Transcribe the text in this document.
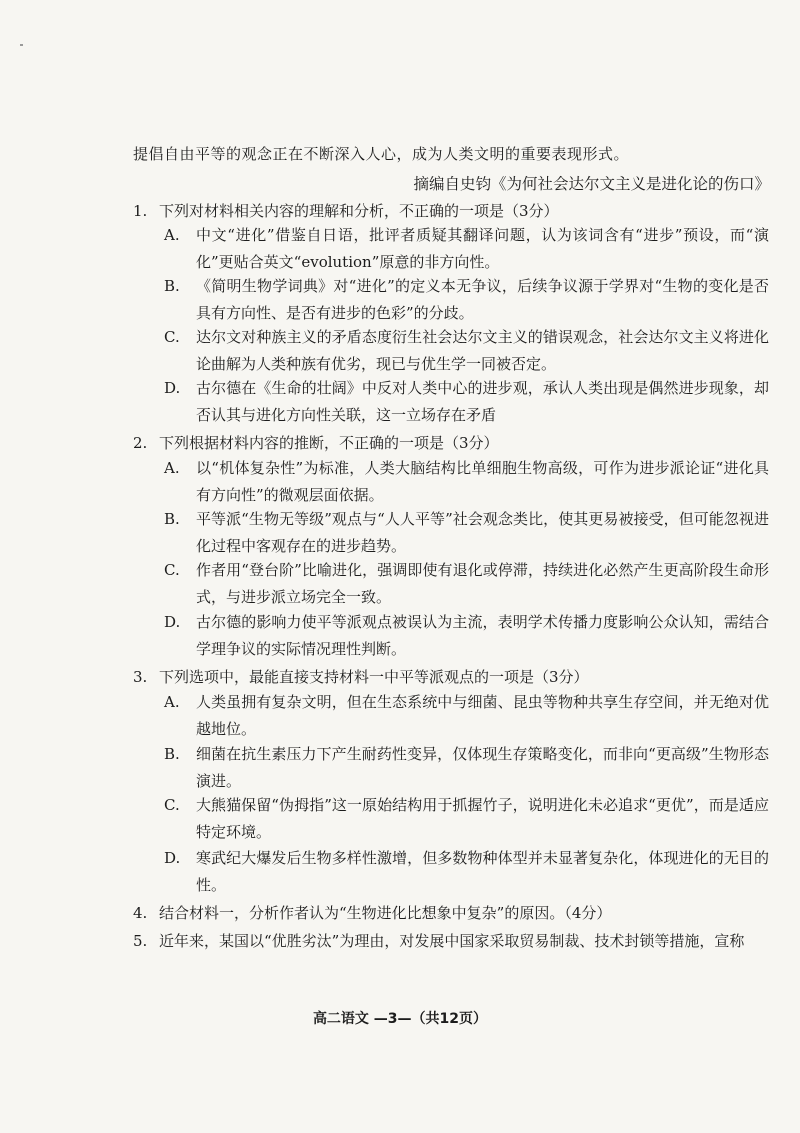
提倡自由平等的观念正在不断深入人心，成为人类文明的重要表现形式。
摘编自史钧《为何社会达尔文主义是进化论的伤口》
1. 下列对材料相关内容的理解和分析，不正确的一项是（3分）
A.	中文“进化”借鉴自日语，批评者质疑其翻译问题，认为该词含有“进步”预设，而“演化”更贴合英文“evolution”原意的非方向性。
B.	《简明生物学词典》对“进化”的定义本无争议，后续争议源于学界对“生物的变化是否具有方向性、是否有进步的色彩”的分歧。
C.	达尔文对种族主义的矛盾态度衍生社会达尔文主义的错误观念，社会达尔文主义将进化论曲解为人类种族有优劣，现已与优生学一同被否定。
D.	古尔德在《生命的壮阔》中反对人类中心的进步观，承认人类出现是偶然进步现象，却否认其与进化方向性关联，这一立场存在矛盾
2. 下列根据材料内容的推断，不正确的一项是（3分）
A.	以“机体复杂性”为标准，人类大脑结构比单细胞生物高级，可作为进步派论证“进化具有方向性”的微观层面依据。
B.	平等派“生物无等级”观点与“人人平等”社会观念类比，使其更易被接受，但可能忽视进化过程中客观存在的进步趋势。
C.	作者用“登台阶”比喻进化，强调即使有退化或停滞，持续进化必然产生更高阶段生命形式，与进步派立场完全一致。
D.	古尔德的影响力使平等派观点被误认为主流，表明学术传播力度影响公众认知，需结合学理争议的实际情况理性判断。
3. 下列选项中，最能直接支持材料一中平等派观点的一项是（3分）
A.	人类虽拥有复杂文明，但在生态系统中与细菌、昆虫等物种共享生存空间，并无绝对优越地位。
B.	细菌在抗生素压力下产生耐药性变异，仅体现生存策略变化，而非向“更高级”生物形态演进。
C.	大熊猫保留“伪拇指”这一原始结构用于抓握竹子，说明进化未必追求“更优”，而是适应特定环境。
D.	寒武纪大爆发后生物多样性激增，但多数物种体型并未显著复杂化，体现进化的无目的性。
4. 结合材料一，分析作者认为“生物进化比想象中复杂”的原因。（4分）
5. 近年来，某国以“优胜劣汰”为理由，对发展中国家采取贸易制裁、技术封锁等措施，宣称
高二语文 —3—（共12页）
